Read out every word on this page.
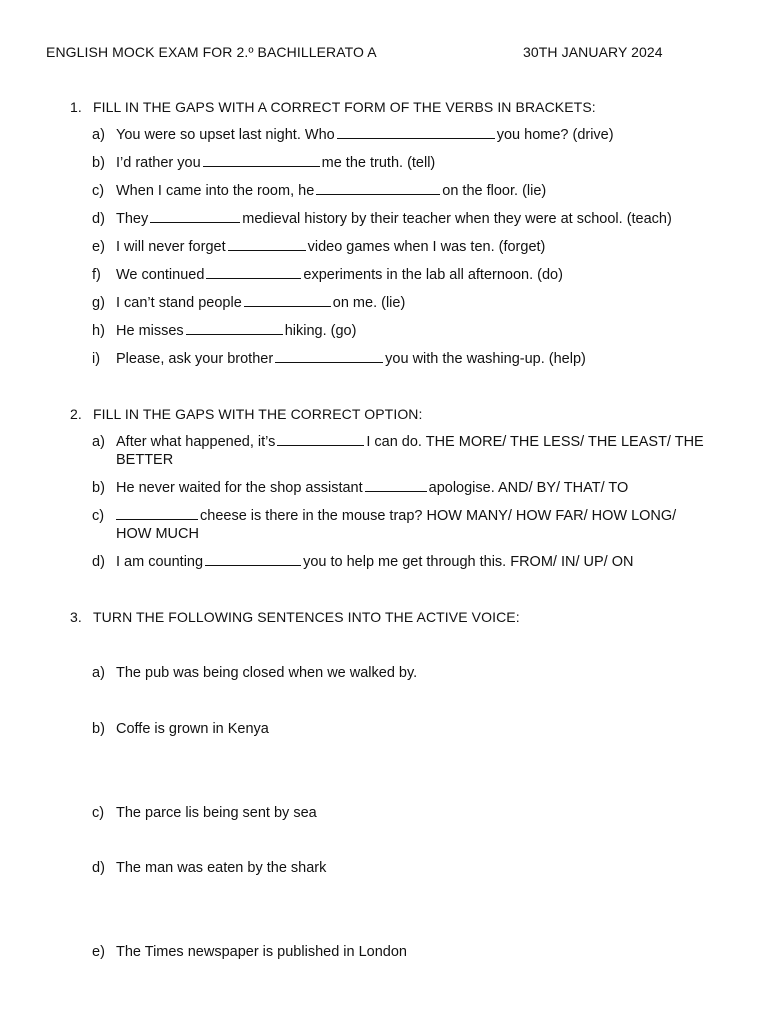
ENGLISH MOCK EXAM FOR 2.º BACHILLERATO A	30TH JANUARY 2024
1. FILL IN THE GAPS WITH A CORRECT FORM OF THE VERBS IN BRACKETS:
a) You were so upset last night. Who	you home? (drive)
b) I’d rather you	me the truth. (tell)
c) When I came into the room, he	on the floor. (lie)
d) They	medieval history by their teacher when they were at school. (teach)
e) I will never forget	video games when I was ten. (forget)
f) We continued	experiments in the lab all afternoon. (do)
g) I can’t stand people	on me. (lie)
h) He misses	hiking. (go)
i) Please, ask your brother	you with the washing-up. (help)
2. FILL IN THE GAPS WITH THE CORRECT OPTION:
a) After what happened, it’s	I can do. THE MORE/ THE LESS/ THE LEAST/ THE BETTER
b) He never waited for the shop assistant	apologise. AND/ BY/ THAT/ TO
c)	cheese is there in the mouse trap? HOW MANY/ HOW FAR/ HOW LONG/ HOW MUCH
d) I am counting	you to help me get through this. FROM/ IN/ UP/ ON
3. TURN THE FOLLOWING SENTENCES INTO THE ACTIVE VOICE:
a) The pub was being closed when we walked by.
b) Coffe is grown in Kenya
c) The parce lis being sent by sea
d) The man was eaten by the shark
e) The Times newspaper is published in London
